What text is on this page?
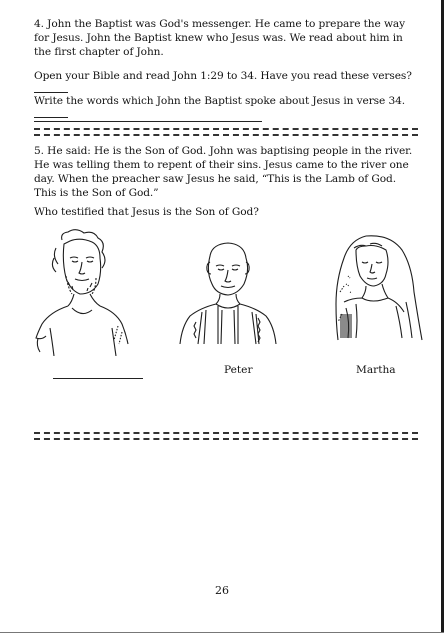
4. John the Baptist was God's messenger. He came to prepare the way for Jesus. John the Baptist knew who Jesus was. We read about him in the first chapter of John.
Open your Bible and read John 1:29 to 34. Have you read these verses?
Write the words which John the Baptist spoke about Jesus in verse 34.
5. He said: He is the Son of God. John was baptising people in the river. He was telling them to repent of their sins. Jesus came to the river one day. When the preacher saw Jesus he said, “This is the Lamb of God. This is the Son of God.”
Who testified that Jesus is the Son of God?
Peter	Martha
26
